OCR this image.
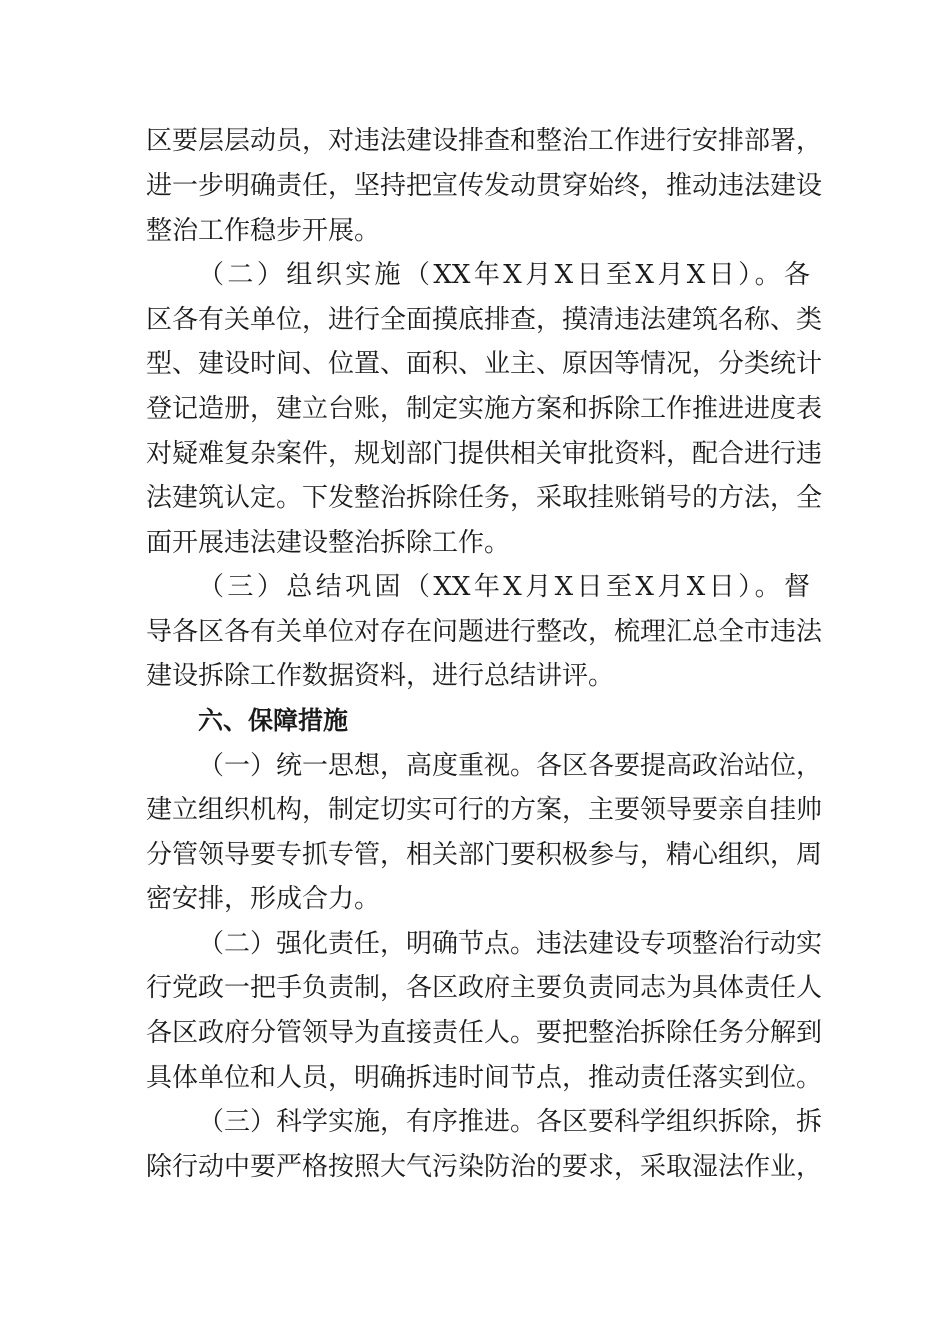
区要层层动员，对违法建设排查和整治工作进行安排部署，
进一步明确责任，坚持把宣传发动贯穿始终，推动违法建设
整治工作稳步开展。
（二）组织实施（XX年X月X日至X月X日）。各
区各有关单位，进行全面摸底排查，摸清违法建筑名称、类
型、建设时间、位置、面积、业主、原因等情况，分类统计
登记造册，建立台账，制定实施方案和拆除工作推进进度表
对疑难复杂案件，规划部门提供相关审批资料，配合进行违
法建筑认定。下发整治拆除任务，采取挂账销号的方法，全
面开展违法建设整治拆除工作。
（三）总结巩固（XX年X月X日至X月X日）。督
导各区各有关单位对存在问题进行整改，梳理汇总全市违法
建设拆除工作数据资料，进行总结讲评。
六、保障措施
（一）统一思想，高度重视。各区各要提高政治站位，
建立组织机构，制定切实可行的方案，主要领导要亲自挂帅
分管领导要专抓专管，相关部门要积极参与，精心组织，周
密安排，形成合力。
（二）强化责任，明确节点。违法建设专项整治行动实
行党政一把手负责制，各区政府主要负责同志为具体责任人
各区政府分管领导为直接责任人。要把整治拆除任务分解到
具体单位和人员，明确拆违时间节点，推动责任落实到位。
（三）科学实施，有序推进。各区要科学组织拆除，拆
除行动中要严格按照大气污染防治的要求，采取湿法作业，
